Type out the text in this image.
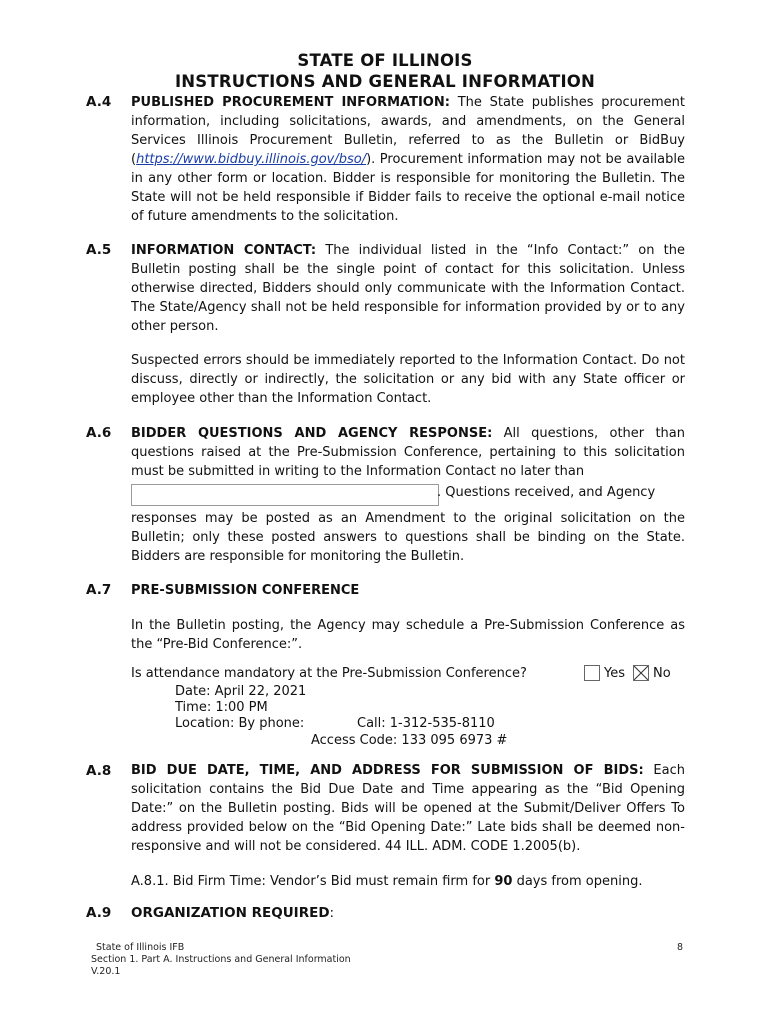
STATE OF ILLINOIS
INSTRUCTIONS AND GENERAL INFORMATION
A.4 PUBLISHED PROCUREMENT INFORMATION: The State publishes procurement information, including solicitations, awards, and amendments, on the General Services Illinois Procurement Bulletin, referred to as the Bulletin or BidBuy (https://www.bidbuy.illinois.gov/bso/). Procurement information may not be available in any other form or location. Bidder is responsible for monitoring the Bulletin. The State will not be held responsible if Bidder fails to receive the optional e-mail notice of future amendments to the solicitation.
A.5 INFORMATION CONTACT: The individual listed in the “Info Contact:” on the Bulletin posting shall be the single point of contact for this solicitation. Unless otherwise directed, Bidders should only communicate with the Information Contact. The State/Agency shall not be held responsible for information provided by or to any other person.
Suspected errors should be immediately reported to the Information Contact. Do not discuss, directly or indirectly, the solicitation or any bid with any State officer or employee other than the Information Contact.
A.6 BIDDER QUESTIONS AND AGENCY RESPONSE: All questions, other than questions raised at the Pre-Submission Conference, pertaining to this solicitation must be submitted in writing to the Information Contact no later than
. Questions received, and Agency
responses may be posted as an Amendment to the original solicitation on the Bulletin; only these posted answers to questions shall be binding on the State. Bidders are responsible for monitoring the Bulletin.
A.7 PRE-SUBMISSION CONFERENCE
In the Bulletin posting, the Agency may schedule a Pre-Submission Conference as the “Pre-Bid Conference:”.
Is attendance mandatory at the Pre-Submission Conference?	Yes No
Date: April 22, 2021
Time: 1:00 PM
Location: By phone:	Call: 1-312-535-8110
Access Code: 133 095 6973 #
A.8 BID DUE DATE, TIME, AND ADDRESS FOR SUBMISSION OF BIDS: Each solicitation contains the Bid Due Date and Time appearing as the “Bid Opening Date:” on the Bulletin posting. Bids will be opened at the Submit/Deliver Offers To address provided below on the “Bid Opening Date:” Late bids shall be deemed non-responsive and will not be considered. 44 ILL. ADM. CODE 1.2005(b).
A.8.1. Bid Firm Time: Vendor’s Bid must remain firm for 90 days from opening.
A.9 ORGANIZATION REQUIRED:
State of Illinois IFB
Section 1. Part A. Instructions and General Information
V.20.1
8
